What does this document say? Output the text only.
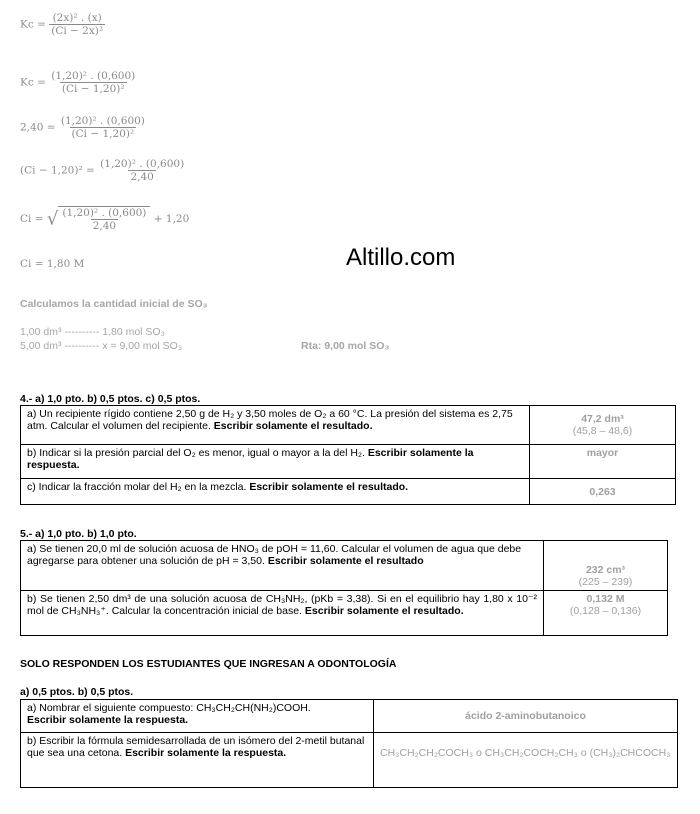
$Kc = \frac{\text{(2x)² . (x)}}{\text{(Ci − 2x)²}}$
$Kc = \frac{\text{(1,20)² . (0,600)}}{\text{(Ci − 1,20)²}}$
$2,40 = \frac{\text{(1,20)² . (0,600)}}{\text{(Ci − 1,20)²}}$
$(Ci - 1,20)^2 = \frac{\text{(1,20)² . (0,600)}}{2,40}$
Ci = √ $\frac{\text{(1,20)² . (0,600)}}{2,40} + 1,20$
Ci = 1,80 M	Altillo.com
Calculamos la cantidad inicial de SO₃
1,00 dm³ ---------- 1,80 mol SO₃
5,00 dm³ ---------- x = 9,00 mol SO₃	Rta: 9,00 mol SO₃
4.- a) 1,0 pto. b) 0,5 ptos. c) 0,5 ptos.
a) Un recipiente rígido contiene 2,50 g de H₂ y 3,50 moles de O₂ a 60 °C. La presión del sistema es 2,75 atm. Calcular el volumen del recipiente. Escribir solamente el resultado.	47,2 dm³
(45,8 – 48,6)
b) Indicar si la presión parcial del O₂ es menor, igual o mayor a la del H₂. Escribir solamente la respuesta.	mayor
c) Indicar la fracción molar del H₂ en la mezcla. Escribir solamente el resultado.	0,263
5.- a) 1,0 pto. b) 1,0 pto.
a) Se tienen 20,0 ml de solución acuosa de HNO₃ de pOH = 11,60. Calcular el volumen de agua que debe agregarse para obtener una solución de pH = 3,50. Escribir solamente el resultado	232 cm³
(225 – 239)
b) Se tienen 2,50 dm³ de una solución acuosa de CH₃NH₂, (pKb = 3,38). Si en el equilibrio hay 1,80 x 10⁻² mol de CH₃NH₃⁺. Calcular la concentración inicial de base. Escribir solamente el resultado.	0,132 M
(0,128 – 0,136)
SOLO RESPONDEN LOS ESTUDIANTES QUE INGRESAN A ODONTOLOGÍA
a) 0,5 ptos. b) 0,5 ptos.
a) Nombrar el siguiente compuesto: CH₃CH₂CH(NH₂)COOH.
Escribir solamente la respuesta.	ácido 2-aminobutanoico
b) Escribir la fórmula semidesarrollada de un isómero del 2-metil butanal que sea una cetona. Escribir solamente la respuesta.	CH₃CH₂CH₂COCH₃ o CH₃CH₂COCH₂CH₃ o (CH₃)₂CHCOCH₃
